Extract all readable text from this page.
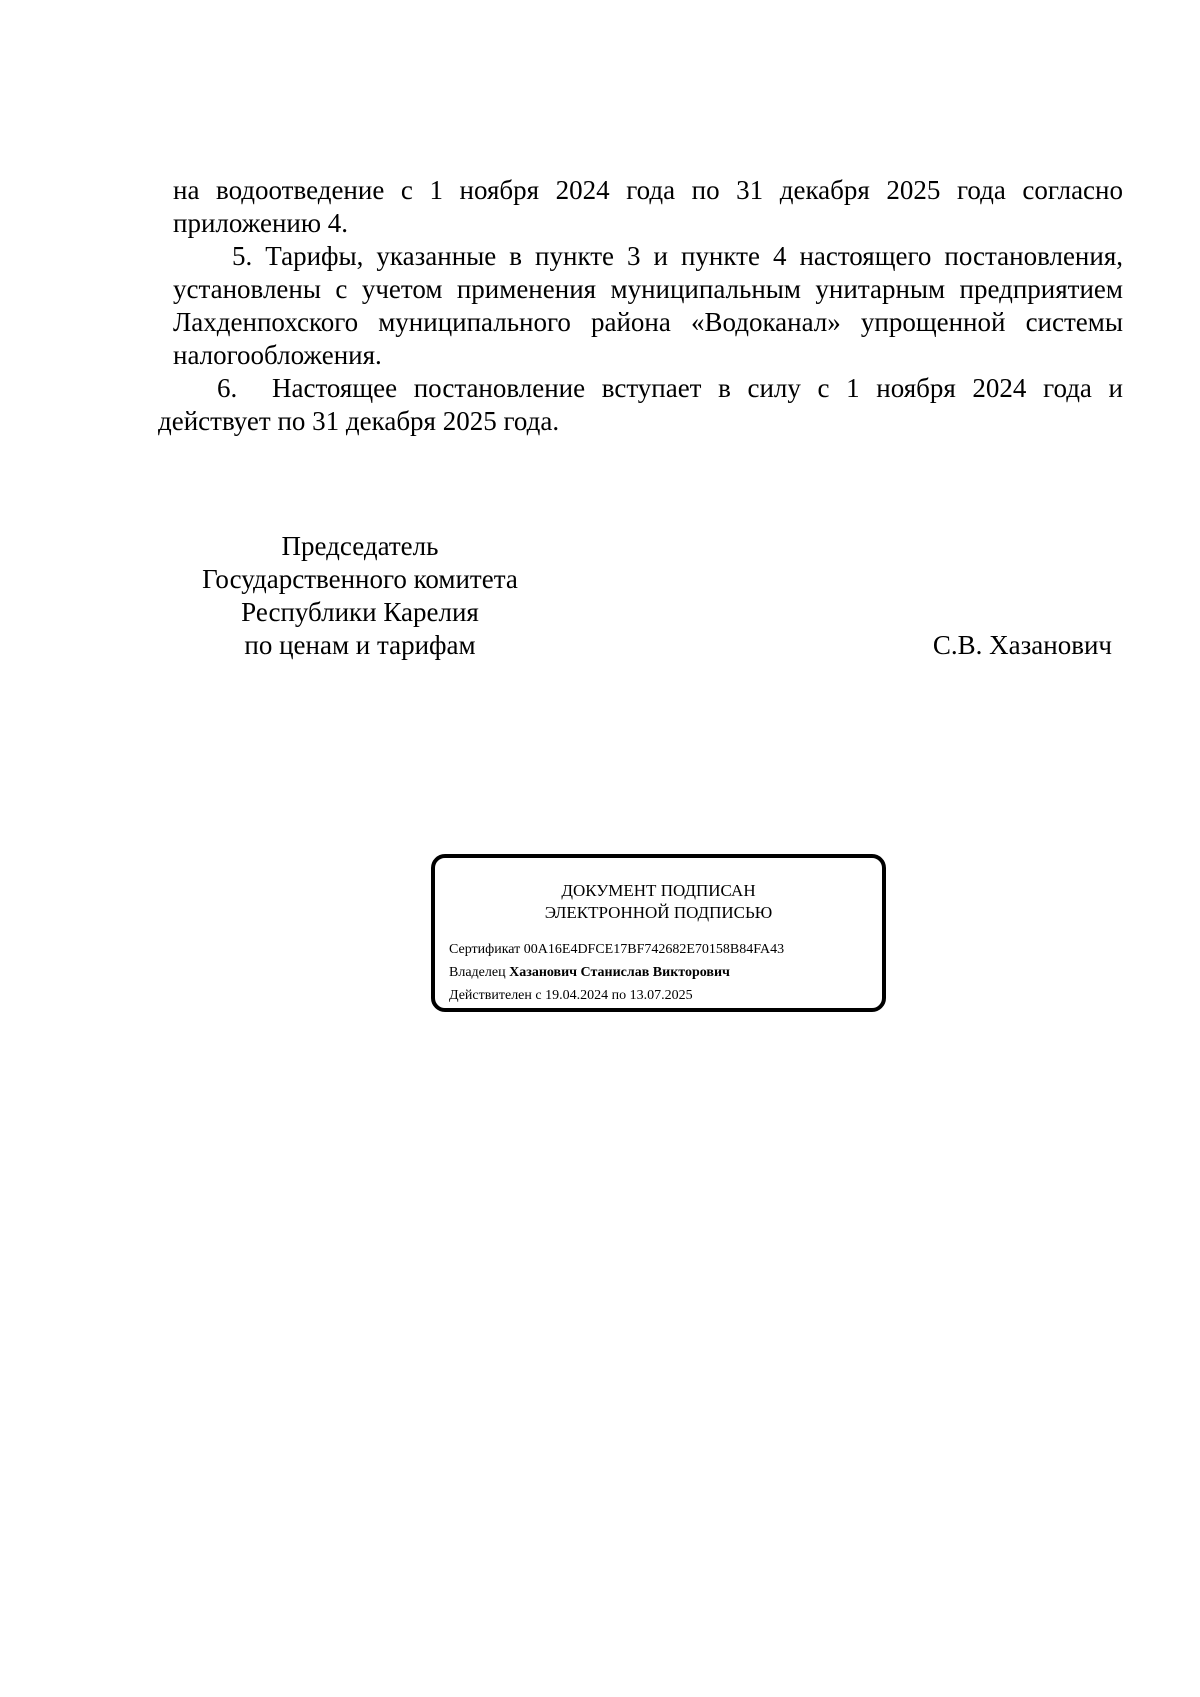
на водоотведение с 1 ноября 2024 года по 31 декабря 2025 года согласно
приложению 4.
5. Тарифы, указанные в пункте 3 и пункте 4 настоящего постановления,
установлены с учетом применения муниципальным унитарным предприятием
Лахденпохского муниципального района «Водоканал» упрощенной системы
налогообложения.
6. Настоящее постановление вступает в силу с 1 ноября 2024 года и
действует по 31 декабря 2025 года.
Председатель
Государственного комитета
Республики Карелия
по ценам и тарифам	С.В. Хазанович
ДОКУМЕНТ ПОДПИСАН
ЭЛЕКТРОННОЙ ПОДПИСЬЮ
Сертификат 00A16E4DFCE17BF742682E70158B84FA43
Владелец Хазанович Станислав Викторович
Действителен с 19.04.2024 по 13.07.2025
